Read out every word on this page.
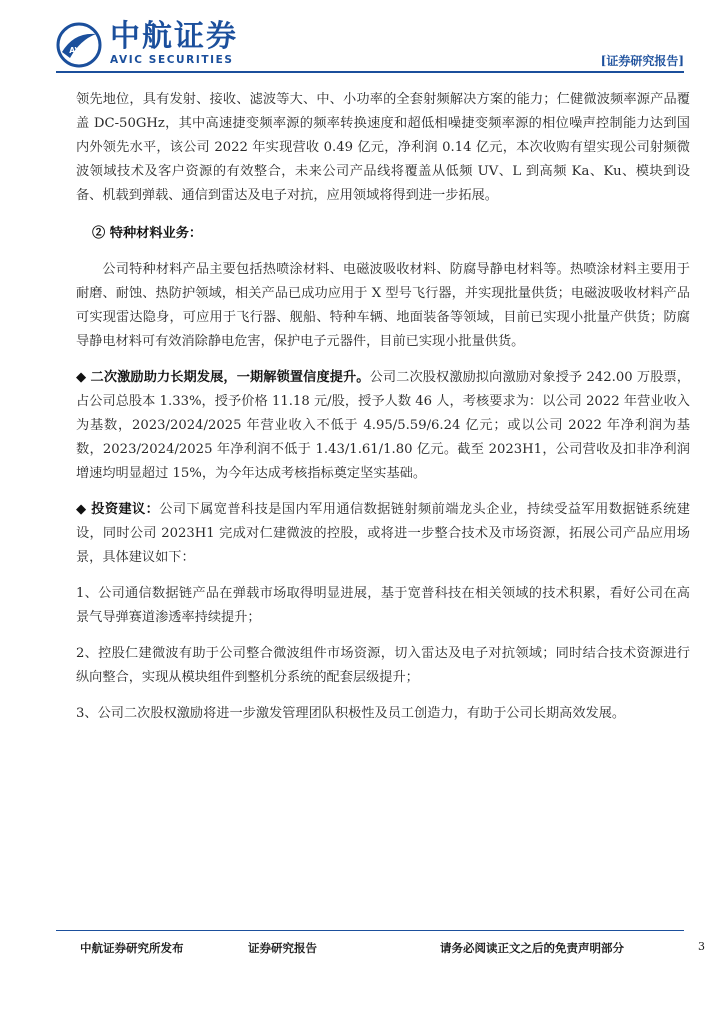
AVIC 中航证券
AVIC SECURITIES	[证券研究报告]

领先地位，具有发射、接收、滤波等大、中、小功率的全套射频解决方案的能力；仁健微波频率源产品覆盖 DC-50GHz，其中高速捷变频率源的频率转换速度和超低相噪捷变频率源的相位噪声控制能力达到国内外领先水平，该公司 2022 年实现营收 0.49 亿元，净利润 0.14 亿元，本次收购有望实现公司射频微波领域技术及客户资源的有效整合，未来公司产品线将覆盖从低频 UV、L 到高频 Ka、Ku、模块到设备、机载到弹载、通信到雷达及电子对抗，应用领域将得到进一步拓展。

② 特种材料业务：

公司特种材料产品主要包括热喷涂材料、电磁波吸收材料、防腐导静电材料等。热喷涂材料主要用于耐磨、耐蚀、热防护领域，相关产品已成功应用于 X 型号飞行器，并实现批量供货；电磁波吸收材料产品可实现雷达隐身，可应用于飞行器、舰船、特种车辆、地面装备等领域，目前已实现小批量产供货；防腐导静电材料可有效消除静电危害，保护电子元器件，目前已实现小批量供货。

◆ 二次激励助力长期发展，一期解锁置信度提升。公司二次股权激励拟向激励对象授予 242.00 万股票，占公司总股本 1.33%，授予价格 11.18 元/股，授予人数 46 人，考核要求为：以公司 2022 年营业收入为基数，2023/2024/2025 年营业收入不低于 4.95/5.59/6.24 亿元；或以公司 2022 年净利润为基数，2023/2024/2025 年净利润不低于 1.43/1.61/1.80 亿元。截至 2023H1，公司营收及扣非净利润增速均明显超过 15%，为今年达成考核指标奠定坚实基础。

◆ 投资建议：公司下属宽普科技是国内军用通信数据链射频前端龙头企业，持续受益军用数据链系统建设，同时公司 2023H1 完成对仁建微波的控股，或将进一步整合技术及市场资源，拓展公司产品应用场景，具体建议如下：

1、公司通信数据链产品在弹载市场取得明显进展，基于宽普科技在相关领域的技术积累，看好公司在高景气导弹赛道渗透率持续提升；

2、控股仁建微波有助于公司整合微波组件市场资源，切入雷达及电子对抗领域；同时结合技术资源进行纵向整合，实现从模块组件到整机分系统的配套层级提升；

3、公司二次股权激励将进一步激发管理团队积极性及员工创造力，有助于公司长期高效发展。

中航证券研究所发布	证券研究报告	请务必阅读正文之后的免责声明部分	3
